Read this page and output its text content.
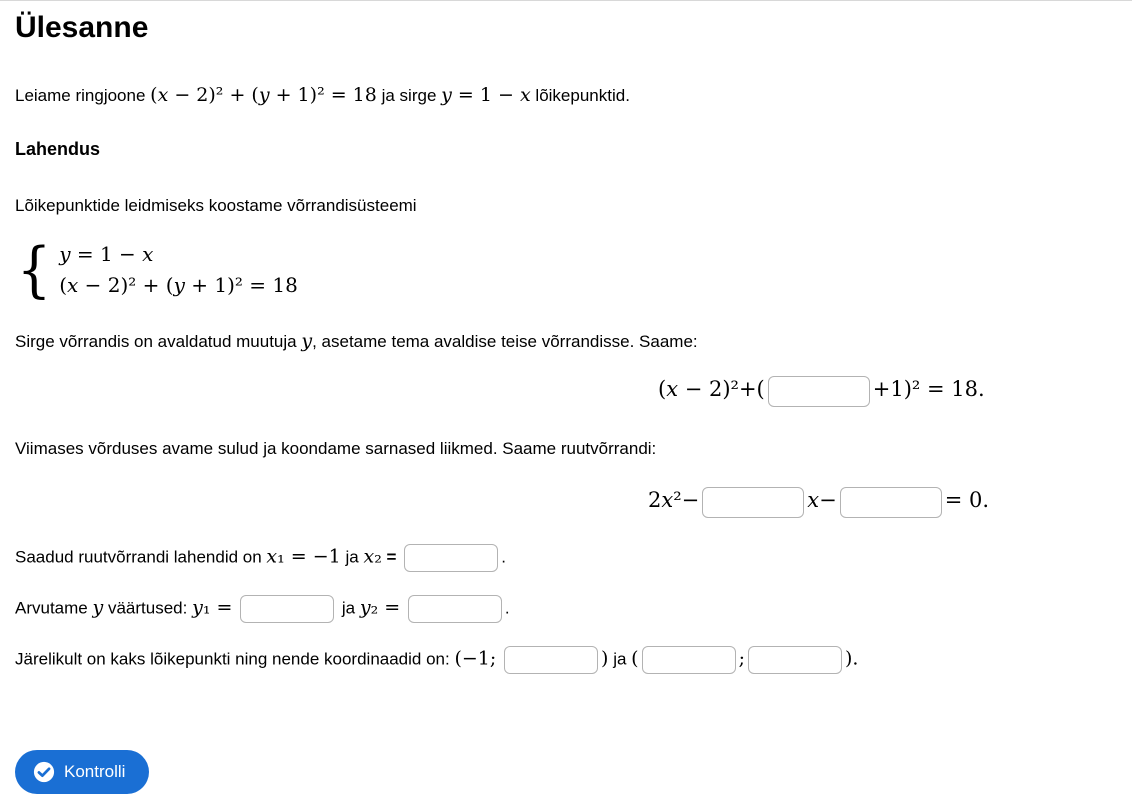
Ülesanne

Leiame ringjoone (x − 2)² + (y + 1)² = 18 ja sirge y = 1 − x lõikepunktid.

Lahendus

Lõikepunktide leidmiseks koostame võrrandisüsteemi

{ y = 1 − x
(x − 2)² + (y + 1)² = 18

Sirge võrrandis on avaldatud muutuja y, asetame tema avaldise teise võrrandisse. Saame:

(x − 2)²+(	+1)² = 18.

Viimases võrduses avame sulud ja koondame sarnased liikmed. Saame ruutvõrrandi:

2x²−	x−	= 0.

Saadud ruutvõrrandi lahendid on x₁ = −1 ja x₂ =	.

Arvutame y väärtused: y₁ =	ja y₂ =	.

Järelikult on kaks lõikepunkti ning nende koordinaadid on: (−1;	) ja (	;	).

Kontrolli
